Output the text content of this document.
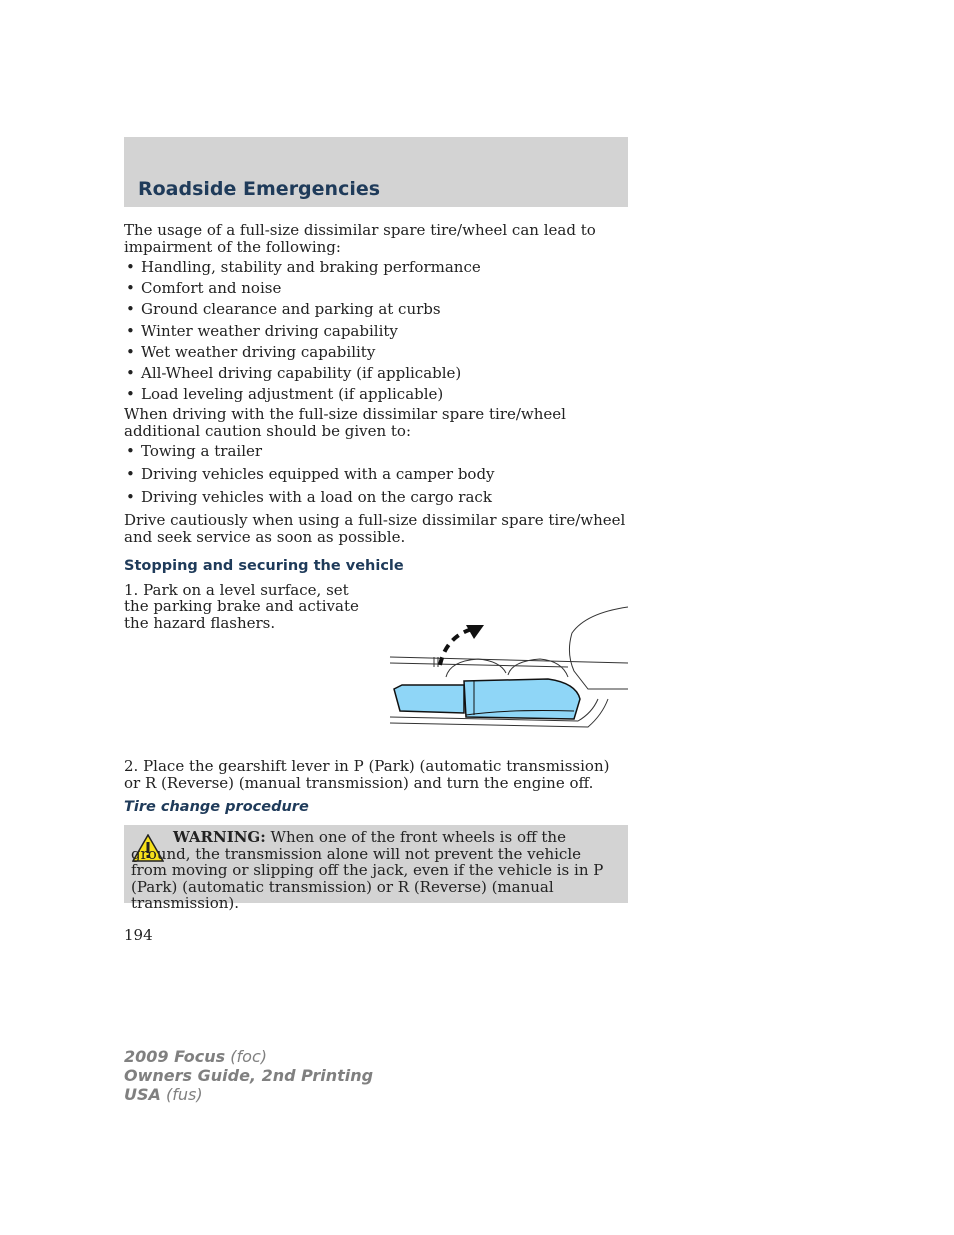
Roadside Emergencies

The usage of a full-size dissimilar spare tire/wheel can lead to impairment of the following:

• Handling, stability and braking performance
• Comfort and noise
• Ground clearance and parking at curbs
• Winter weather driving capability
• Wet weather driving capability
• All-Wheel driving capability (if applicable)
• Load leveling adjustment (if applicable)

When driving with the full-size dissimilar spare tire/wheel additional caution should be given to:

• Towing a trailer
• Driving vehicles equipped with a camper body
• Driving vehicles with a load on the cargo rack

Drive cautiously when using a full-size dissimilar spare tire/wheel and seek service as soon as possible.

Stopping and securing the vehicle

1. Park on a level surface, set the parking brake and activate the hazard flashers.

2. Place the gearshift lever in P (Park) (automatic transmission) or R (Reverse) (manual transmission) and turn the engine off.

Tire change procedure

WARNING: When one of the front wheels is off the ground, the transmission alone will not prevent the vehicle from moving or slipping off the jack, even if the vehicle is in P (Park) (automatic transmission) or R (Reverse) (manual transmission).

194

2009 Focus (foc)
Owners Guide, 2nd Printing
USA (fus)
